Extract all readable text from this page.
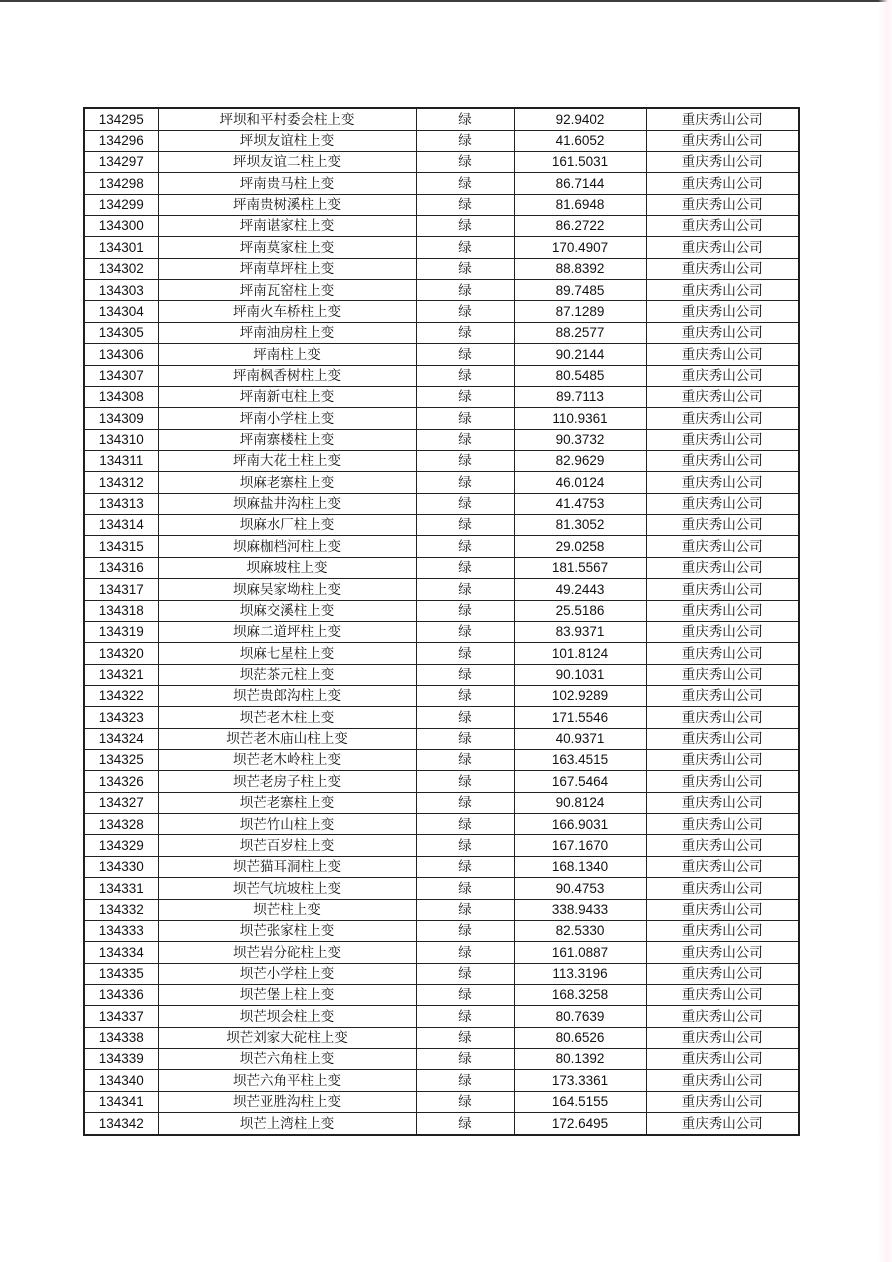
134295	坪坝和平村委会柱上变	绿	92.9402	重庆秀山公司
134296	坪坝友谊柱上变	绿	41.6052	重庆秀山公司
134297	坪坝友谊二柱上变	绿	161.5031	重庆秀山公司
134298	坪南贵马柱上变	绿	86.7144	重庆秀山公司
134299	坪南贵树溪柱上变	绿	81.6948	重庆秀山公司
134300	坪南谌家柱上变	绿	86.2722	重庆秀山公司
134301	坪南莫家柱上变	绿	170.4907	重庆秀山公司
134302	坪南草坪柱上变	绿	88.8392	重庆秀山公司
134303	坪南瓦窑柱上变	绿	89.7485	重庆秀山公司
134304	坪南火车桥柱上变	绿	87.1289	重庆秀山公司
134305	坪南油房柱上变	绿	88.2577	重庆秀山公司
134306	坪南柱上变	绿	90.2144	重庆秀山公司
134307	坪南枫香树柱上变	绿	80.5485	重庆秀山公司
134308	坪南新屯柱上变	绿	89.7113	重庆秀山公司
134309	坪南小学柱上变	绿	110.9361	重庆秀山公司
134310	坪南寨楼柱上变	绿	90.3732	重庆秀山公司
134311	坪南大花土柱上变	绿	82.9629	重庆秀山公司
134312	坝麻老寨柱上变	绿	46.0124	重庆秀山公司
134313	坝麻盐井沟柱上变	绿	41.4753	重庆秀山公司
134314	坝麻水厂柱上变	绿	81.3052	重庆秀山公司
134315	坝麻枷档河柱上变	绿	29.0258	重庆秀山公司
134316	坝麻坡柱上变	绿	181.5567	重庆秀山公司
134317	坝麻吴家坳柱上变	绿	49.2443	重庆秀山公司
134318	坝麻交溪柱上变	绿	25.5186	重庆秀山公司
134319	坝麻二道坪柱上变	绿	83.9371	重庆秀山公司
134320	坝麻七星柱上变	绿	101.8124	重庆秀山公司
134321	坝茫茶元柱上变	绿	90.1031	重庆秀山公司
134322	坝芒贵郎沟柱上变	绿	102.9289	重庆秀山公司
134323	坝芒老木柱上变	绿	171.5546	重庆秀山公司
134324	坝芒老木庙山柱上变	绿	40.9371	重庆秀山公司
134325	坝芒老木岭柱上变	绿	163.4515	重庆秀山公司
134326	坝芒老房子柱上变	绿	167.5464	重庆秀山公司
134327	坝芒老寨柱上变	绿	90.8124	重庆秀山公司
134328	坝芒竹山柱上变	绿	166.9031	重庆秀山公司
134329	坝芒百岁柱上变	绿	167.1670	重庆秀山公司
134330	坝芒猫耳洞柱上变	绿	168.1340	重庆秀山公司
134331	坝芒气坑坡柱上变	绿	90.4753	重庆秀山公司
134332	坝芒柱上变	绿	338.9433	重庆秀山公司
134333	坝芒张家柱上变	绿	82.5330	重庆秀山公司
134334	坝芒岩分砣柱上变	绿	161.0887	重庆秀山公司
134335	坝芒小学柱上变	绿	113.3196	重庆秀山公司
134336	坝芒堡上柱上变	绿	168.3258	重庆秀山公司
134337	坝芒坝会柱上变	绿	80.7639	重庆秀山公司
134338	坝芒刘家大砣柱上变	绿	80.6526	重庆秀山公司
134339	坝芒六角柱上变	绿	80.1392	重庆秀山公司
134340	坝芒六角平柱上变	绿	173.3361	重庆秀山公司
134341	坝芒亚胜沟柱上变	绿	164.5155	重庆秀山公司
134342	坝芒上湾柱上变	绿	172.6495	重庆秀山公司
